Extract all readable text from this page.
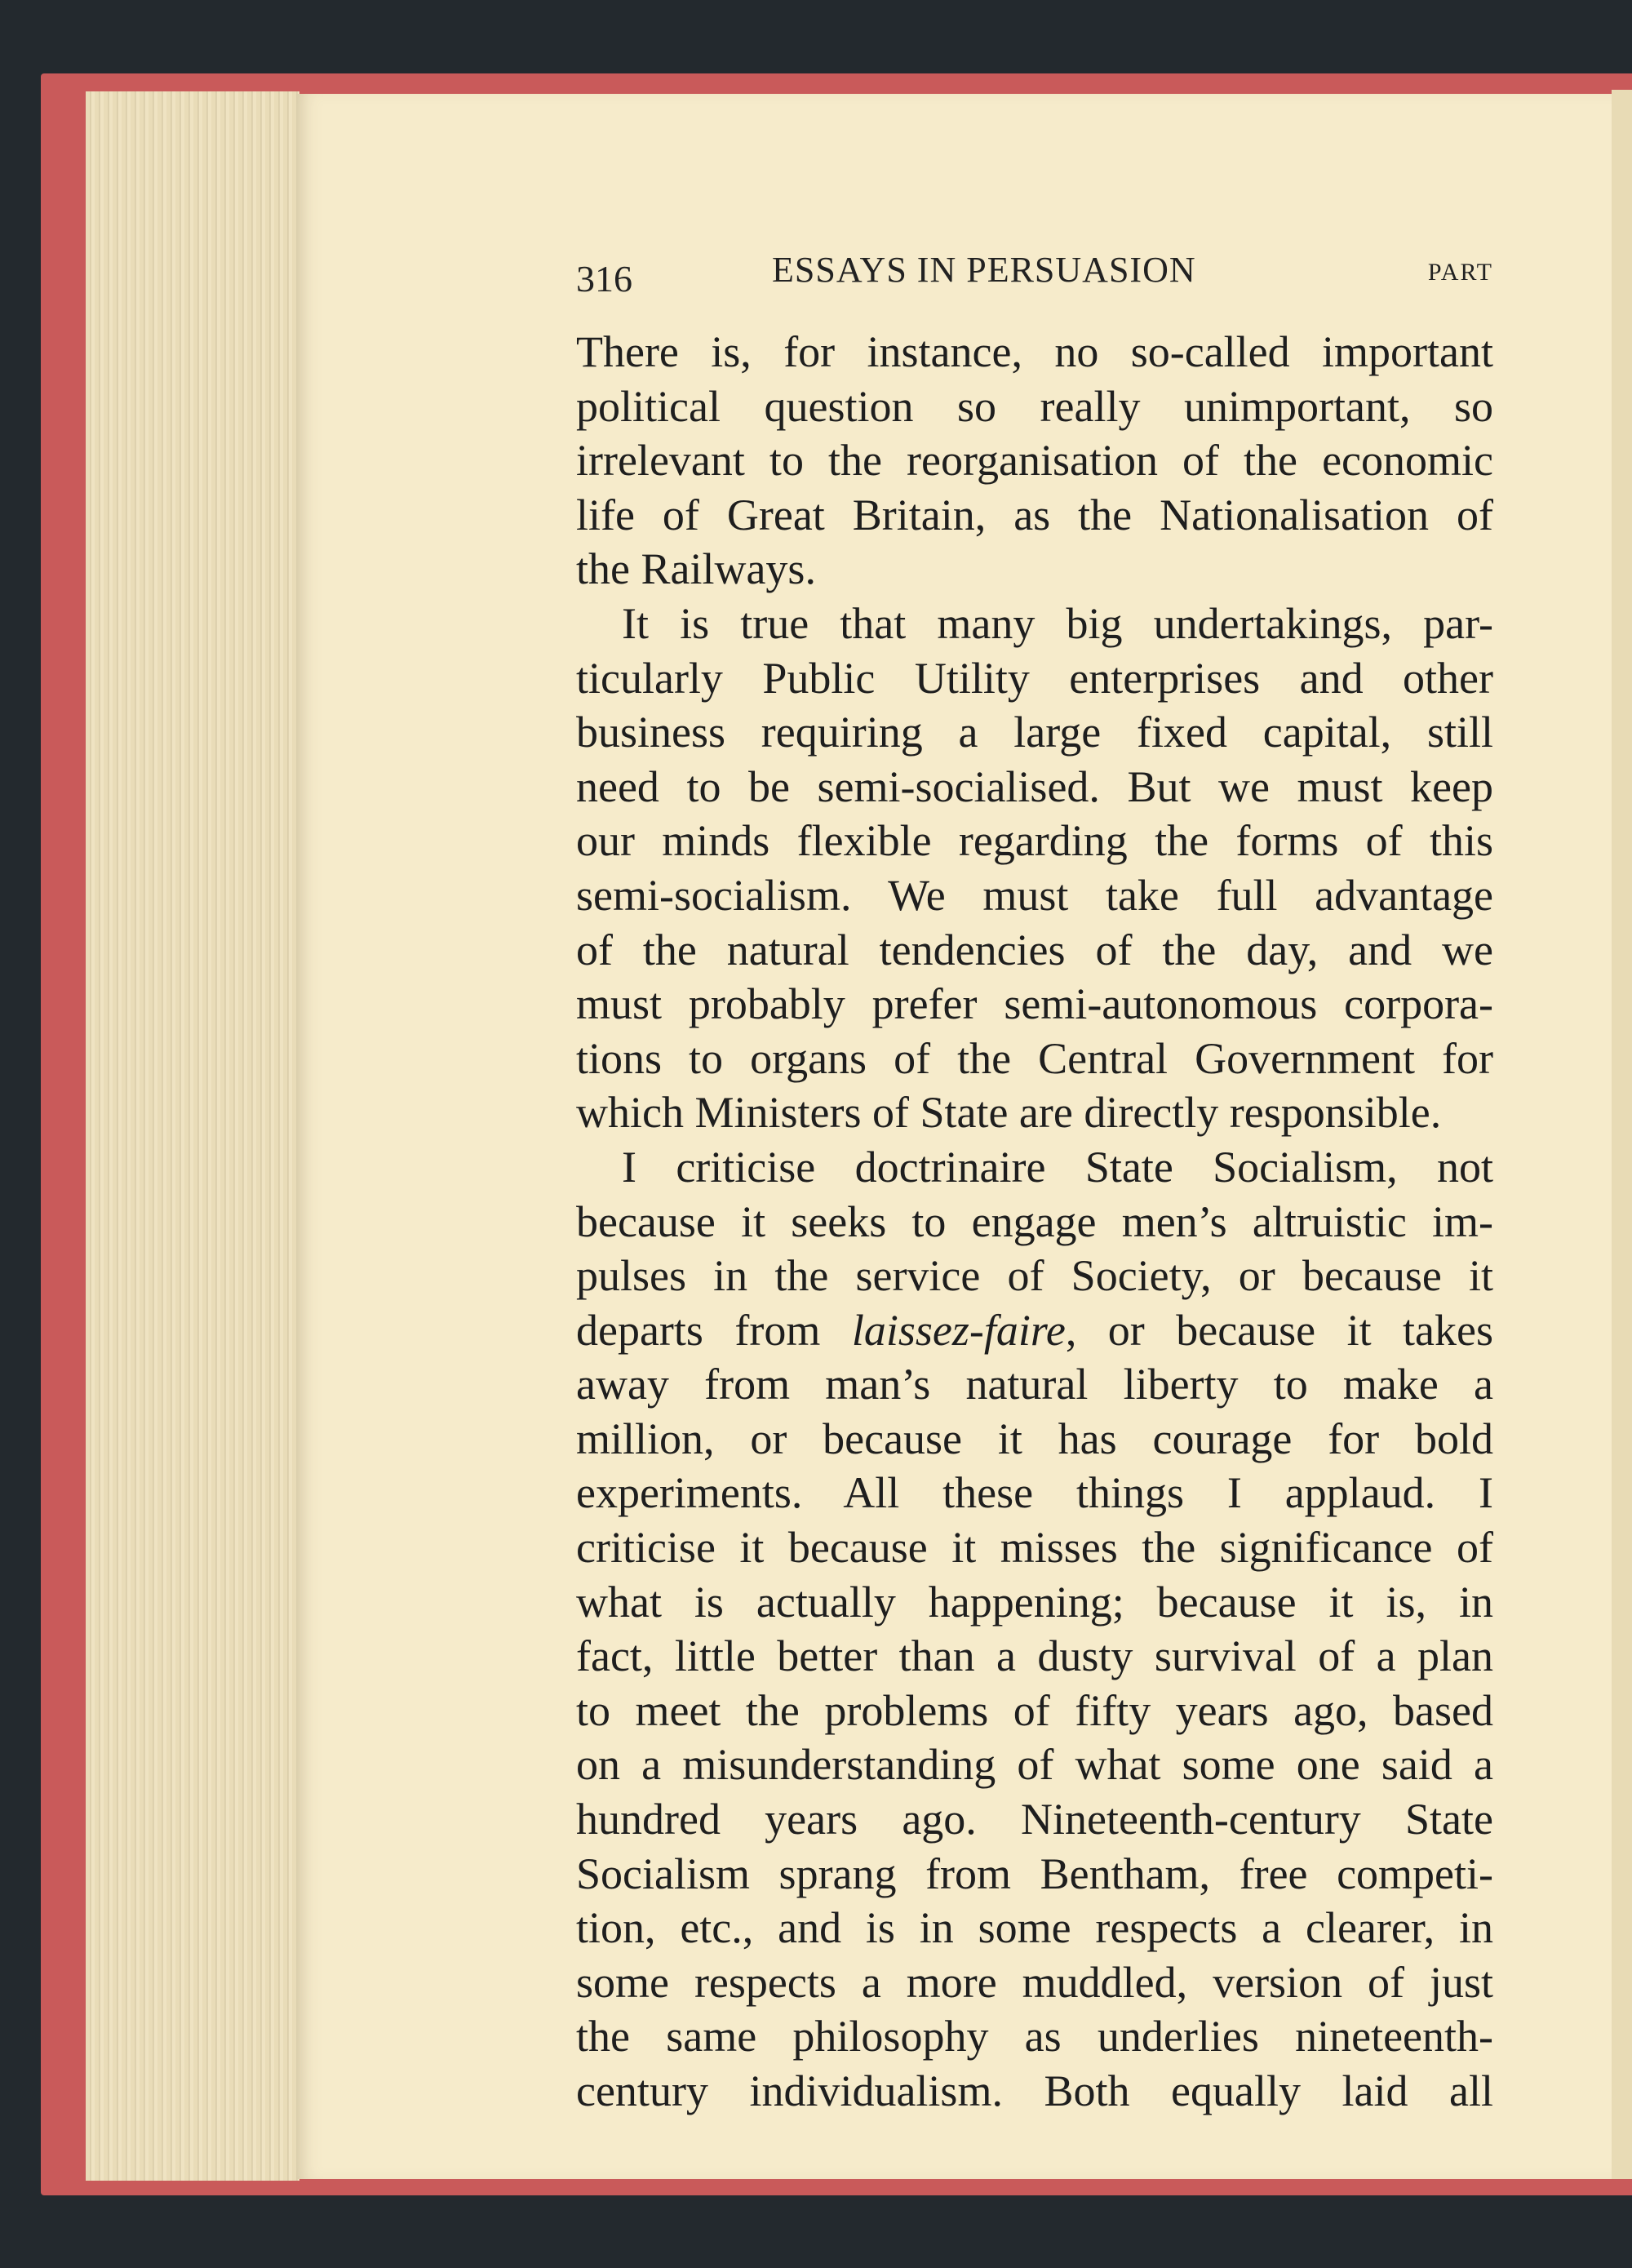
316	ESSAYS IN PERSUASION	PART
There is, for instance, no so-called important
political question so really unimportant, so
irrelevant to the reorganisation of the economic
life of Great Britain, as the Nationalisation of
the Railways.
It is true that many big undertakings, par-
ticularly Public Utility enterprises and other
business requiring a large fixed capital, still
need to be semi-socialised. But we must keep
our minds flexible regarding the forms of this
semi-socialism. We must take full advantage
of the natural tendencies of the day, and we
must probably prefer semi-autonomous corpora-
tions to organs of the Central Government for
which Ministers of State are directly responsible.
I criticise doctrinaire State Socialism, not
because it seeks to engage men’s altruistic im-
pulses in the service of Society, or because it
departs from laissez-faire, or because it takes
away from man’s natural liberty to make a
million, or because it has courage for bold
experiments. All these things I applaud. I
criticise it because it misses the significance of
what is actually happening; because it is, in
fact, little better than a dusty survival of a plan
to meet the problems of fifty years ago, based
on a misunderstanding of what some one said a
hundred years ago. Nineteenth-century State
Socialism sprang from Bentham, free competi-
tion, etc., and is in some respects a clearer, in
some respects a more muddled, version of just
the same philosophy as underlies nineteenth-
century individualism. Both equally laid all
